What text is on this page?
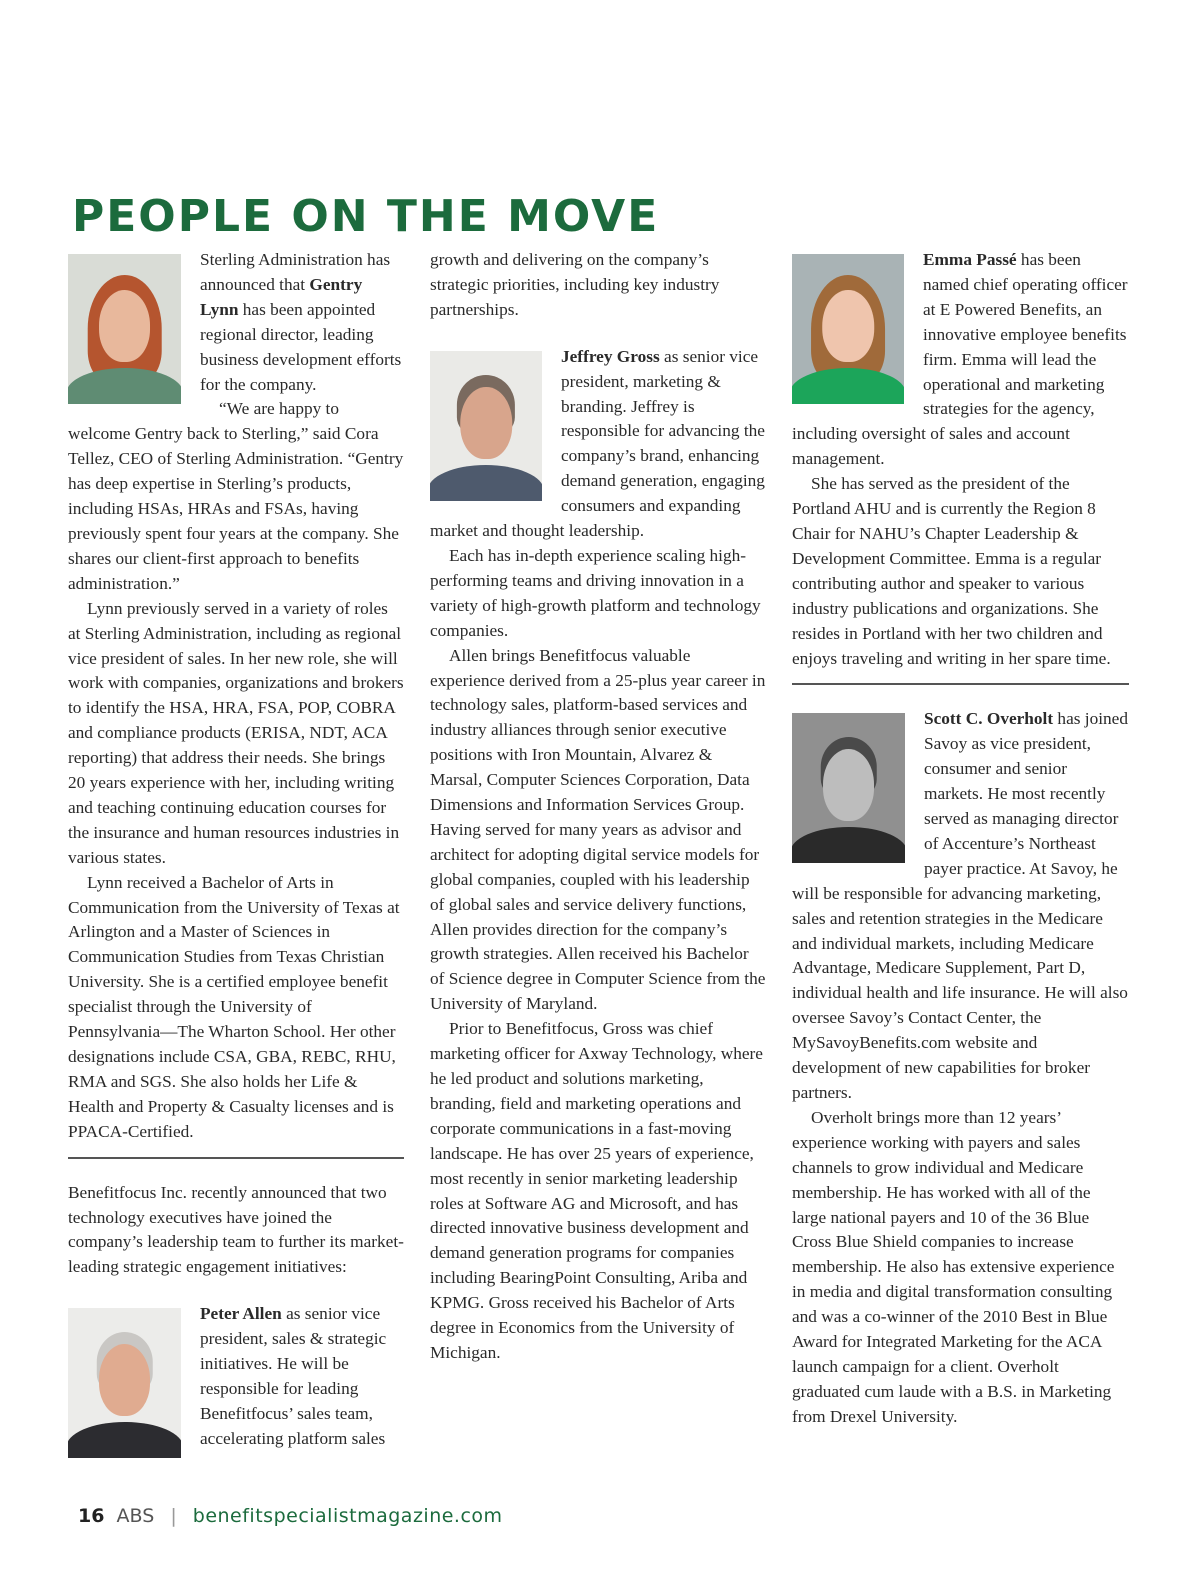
PEOPLE ON THE MOVE

Sterling Administration has announced that Gentry Lynn has been appointed regional director, leading business development efforts for the company.

“We are happy to welcome Gentry back to Sterling,” said Cora Tellez, CEO of Sterling Administration. “Gentry has deep expertise in Sterling’s products, including HSAs, HRAs and FSAs, having previously spent four years at the company. She shares our client-first approach to benefits administration.”

Lynn previously served in a variety of roles at Sterling Administration, including as regional vice president of sales. In her new role, she will work with companies, organizations and brokers to identify the HSA, HRA, FSA, POP, COBRA and compliance products (ERISA, NDT, ACA reporting) that address their needs. She brings 20 years experience with her, including writing and teaching continuing education courses for the insurance and human resources industries in various states.

Lynn received a Bachelor of Arts in Communication from the University of Texas at Arlington and a Master of Sciences in Communication Studies from Texas Christian University. She is a certified employee benefit specialist through the University of Pennsylvania—The Wharton School. Her other designations include CSA, GBA, REBC, RHU, RMA and SGS. She also holds her Life & Health and Property & Casualty licenses and is PPACA-Certified.

Benefitfocus Inc. recently announced that two technology executives have joined the company’s leadership team to further its market-leading strategic engagement initiatives:

Peter Allen as senior vice president, sales & strategic initiatives. He will be responsible for leading Benefitfocus’ sales team, accelerating platform sales

growth and delivering on the company’s strategic priorities, including key industry partnerships.

Jeffrey Gross as senior vice president, marketing & branding. Jeffrey is responsible for advancing the company’s brand, enhancing demand generation, engaging consumers and expanding market and thought leadership.

Each has in-depth experience scaling high-performing teams and driving innovation in a variety of high-growth platform and technology companies.

Allen brings Benefitfocus valuable experience derived from a 25-plus year career in technology sales, platform-based services and industry alliances through senior executive positions with Iron Mountain, Alvarez & Marsal, Computer Sciences Corporation, Data Dimensions and Information Services Group. Having served for many years as advisor and architect for adopting digital service models for global companies, coupled with his leadership of global sales and service delivery functions, Allen provides direction for the company’s growth strategies. Allen received his Bachelor of Science degree in Computer Science from the University of Maryland.

Prior to Benefitfocus, Gross was chief marketing officer for Axway Technology, where he led product and solutions marketing, branding, field and marketing operations and corporate communications in a fast-moving landscape. He has over 25 years of experience, most recently in senior marketing leadership roles at Software AG and Microsoft, and has directed innovative business development and demand generation programs for companies including BearingPoint Consulting, Ariba and KPMG. Gross received his Bachelor of Arts degree in Economics from the University of Michigan.

Emma Passé has been named chief operating officer at E Powered Benefits, an innovative employee benefits firm. Emma will lead the operational and marketing strategies for the agency, including oversight of sales and account management.

She has served as the president of the Portland AHU and is currently the Region 8 Chair for NAHU’s Chapter Leadership & Development Committee. Emma is a regular contributing author and speaker to various industry publications and organizations. She resides in Portland with her two children and enjoys traveling and writing in her spare time.

Scott C. Overholt has joined Savoy as vice president, consumer and senior markets. He most recently served as managing director of Accenture’s Northeast payer practice. At Savoy, he will be responsible for advancing marketing, sales and retention strategies in the Medicare and individual markets, including Medicare Advantage, Medicare Supplement, Part D, individual health and life insurance. He will also oversee Savoy’s Contact Center, the MySavoyBenefits.com website and development of new capabilities for broker partners.

Overholt brings more than 12 years’ experience working with payers and sales channels to grow individual and Medicare membership. He has worked with all of the large national payers and 10 of the 36 Blue Cross Blue Shield companies to increase membership. He also has extensive experience in media and digital transformation consulting and was a co-winner of the 2010 Best in Blue Award for Integrated Marketing for the ACA launch campaign for a client. Overholt graduated cum laude with a B.S. in Marketing from Drexel University.

16 ABS | benefitspecialistmagazine.com
